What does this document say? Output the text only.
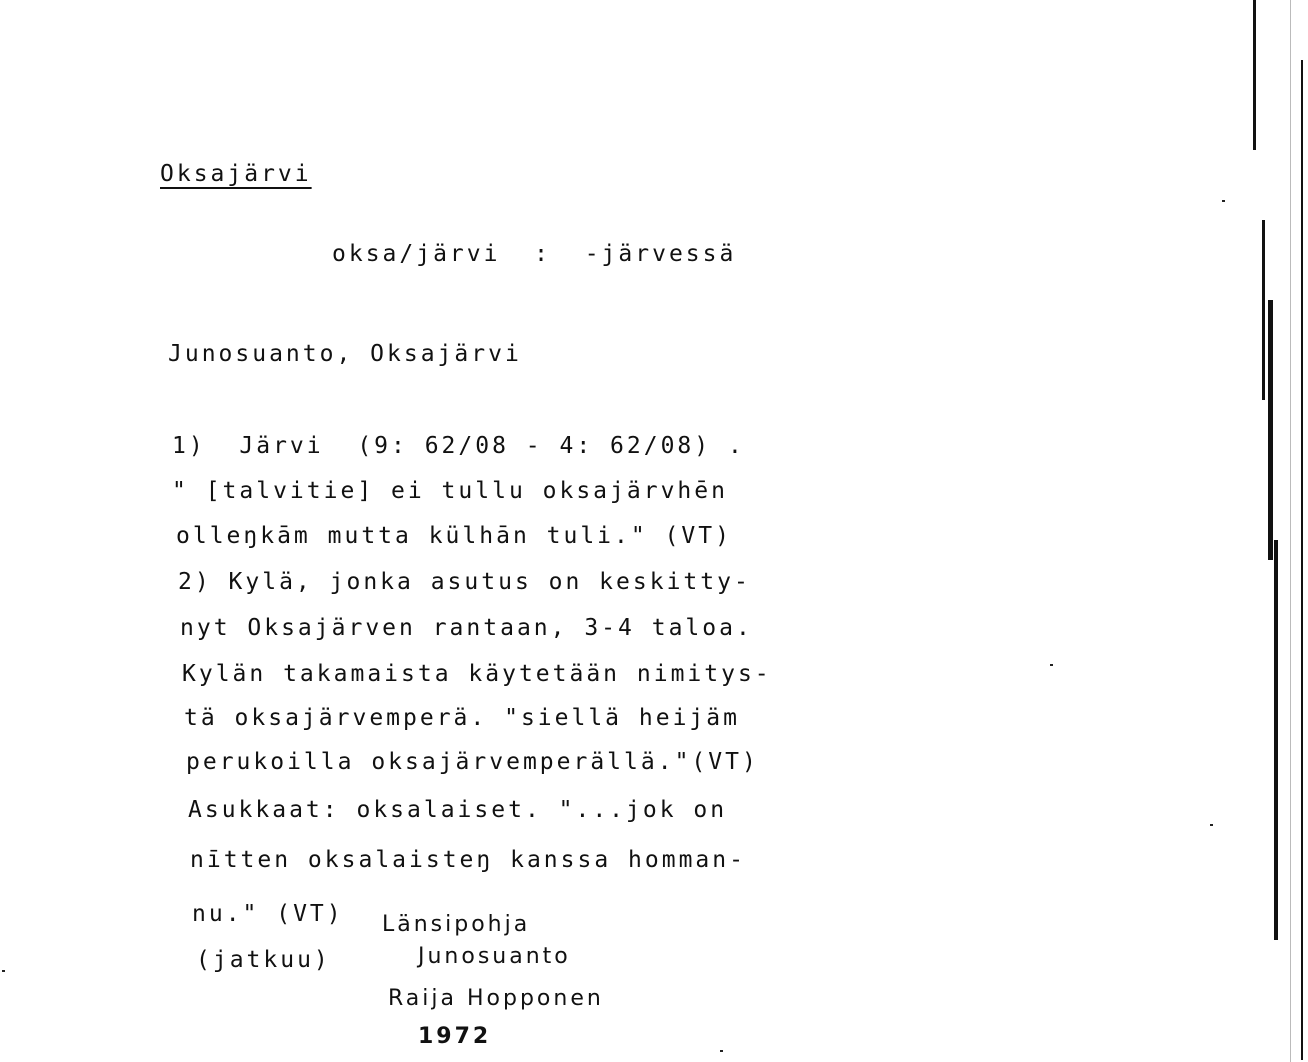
Oksajärvi
oksa/järvi  :  -järvessä
Junosuanto, Oksajärvi
1)  Järvi  (9: 62/08 - 4: 62/08) .
" [talvitie] ei tullu oksajärvhēn
olleŋkām mutta külhān tuli." (VT)
2) Kylä, jonka asutus on keskitty-
nyt Oksajärven rantaan, 3-4 taloa.
Kylän takamaista käytetään nimitys-
tä oksajärvemperä. "siellä heijäm
perukoilla oksajärvemperällä."(VT)
Asukkaat: oksalaiset. "...jok on
nītten oksalaisteŋ kanssa homman-
nu." (VT)
(jatkuu)
Länsipohja
Junosuanto
Raija Hopponen
1972
